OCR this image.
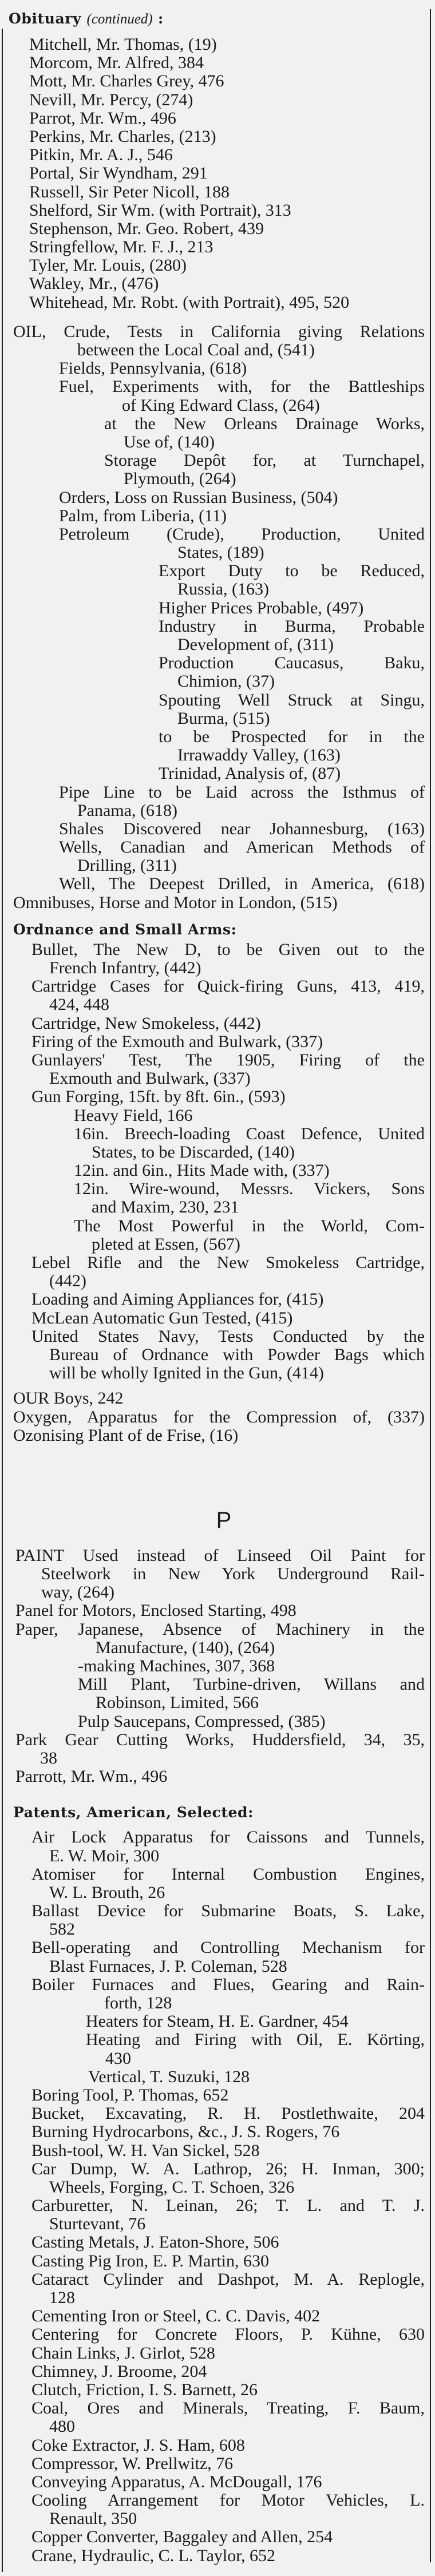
Obituary (continued) :
Mitchell, Mr. Thomas, (19)
Morcom, Mr. Alfred, 384
Mott, Mr. Charles Grey, 476
Nevill, Mr. Percy, (274)
Parrot, Mr. Wm., 496
Perkins, Mr. Charles, (213)
Pitkin, Mr. A. J., 546
Portal, Sir Wyndham, 291
Russell, Sir Peter Nicoll, 188
Shelford, Sir Wm. (with Portrait), 313
Stephenson, Mr. Geo. Robert, 439
Stringfellow, Mr. F. J., 213
Tyler, Mr. Louis, (280)
Wakley, Mr., (476)
Whitehead, Mr. Robt. (with Portrait), 495, 520
OIL, Crude, Tests in California giving Relations
between the Local Coal and, (541)
Fields, Pennsylvania, (618)
Fuel, Experiments with, for the Battleships
of King Edward Class, (264)
at the New Orleans Drainage Works,
Use of, (140)
Storage Depôt for, at Turnchapel,
Plymouth, (264)
Orders, Loss on Russian Business, (504)
Palm, from Liberia, (11)
Petroleum (Crude), Production, United
States, (189)
Export Duty to be Reduced,
Russia, (163)
Higher Prices Probable, (497)
Industry in Burma, Probable
Development of, (311)
Production Caucasus, Baku,
Chimion, (37)
Spouting Well Struck at Singu,
Burma, (515)
to be Prospected for in the
Irrawaddy Valley, (163)
Trinidad, Analysis of, (87)
Pipe Line to be Laid across the Isthmus of
Panama, (618)
Shales Discovered near Johannesburg, (163)
Wells, Canadian and American Methods of
Drilling, (311)
Well, The Deepest Drilled, in America, (618)
Omnibuses, Horse and Motor in London, (515)
Ordnance and Small Arms:
Bullet, The New D, to be Given out to the
French Infantry, (442)
Cartridge Cases for Quick-firing Guns, 413, 419,
424, 448
Cartridge, New Smokeless, (442)
Firing of the Exmouth and Bulwark, (337)
Gunlayers' Test, The 1905, Firing of the
Exmouth and Bulwark, (337)
Gun Forging, 15ft. by 8ft. 6in., (593)
Heavy Field, 166
16in. Breech-loading Coast Defence, United
States, to be Discarded, (140)
12in. and 6in., Hits Made with, (337)
12in. Wire-wound, Messrs. Vickers, Sons
and Maxim, 230, 231
The Most Powerful in the World, Com-
pleted at Essen, (567)
Lebel Rifle and the New Smokeless Cartridge,
(442)
Loading and Aiming Appliances for, (415)
McLean Automatic Gun Tested, (415)
United States Navy, Tests Conducted by the
Bureau of Ordnance with Powder Bags which
will be wholly Ignited in the Gun, (414)
OUR Boys, 242
Oxygen, Apparatus for the Compression of, (337)
Ozonising Plant of de Frise, (16)
P
PAINT Used instead of Linseed Oil Paint for
Steelwork in New York Underground Rail-
way, (264)
Panel for Motors, Enclosed Starting, 498
Paper, Japanese, Absence of Machinery in the
Manufacture, (140), (264)
-making Machines, 307, 368
Mill Plant, Turbine-driven, Willans and
Robinson, Limited, 566
Pulp Saucepans, Compressed, (385)
Park Gear Cutting Works, Huddersfield, 34, 35,
38
Parrott, Mr. Wm., 496
Patents, American, Selected:
Air Lock Apparatus for Caissons and Tunnels,
E. W. Moir, 300
Atomiser for Internal Combustion Engines,
W. L. Brouth, 26
Ballast Device for Submarine Boats, S. Lake,
582
Bell-operating and Controlling Mechanism for
Blast Furnaces, J. P. Coleman, 528
Boiler Furnaces and Flues, Gearing and Rain-
forth, 128
Heaters for Steam, H. E. Gardner, 454
Heating and Firing with Oil, E. Körting,
430
Vertical, T. Suzuki, 128
Boring Tool, P. Thomas, 652
Bucket, Excavating, R. H. Postlethwaite, 204
Burning Hydrocarbons, &c., J. S. Rogers, 76
Bush-tool, W. H. Van Sickel, 528
Car Dump, W. A. Lathrop, 26; H. Inman, 300;
Wheels, Forging, C. T. Schoen, 326
Carburetter, N. Leinan, 26; T. L. and T. J.
Sturtevant, 76
Casting Metals, J. Eaton-Shore, 506
Casting Pig Iron, E. P. Martin, 630
Cataract Cylinder and Dashpot, M. A. Replogle,
128
Cementing Iron or Steel, C. C. Davis, 402
Centering for Concrete Floors, P. Kühne, 630
Chain Links, J. Girlot, 528
Chimney, J. Broome, 204
Clutch, Friction, I. S. Barnett, 26
Coal, Ores and Minerals, Treating, F. Baum,
480
Coke Extractor, J. S. Ham, 608
Compressor, W. Prellwitz, 76
Conveying Apparatus, A. McDougall, 176
Cooling Arrangement for Motor Vehicles, L.
Renault, 350
Copper Converter, Baggaley and Allen, 254
Crane, Hydraulic, C. L. Taylor, 652
